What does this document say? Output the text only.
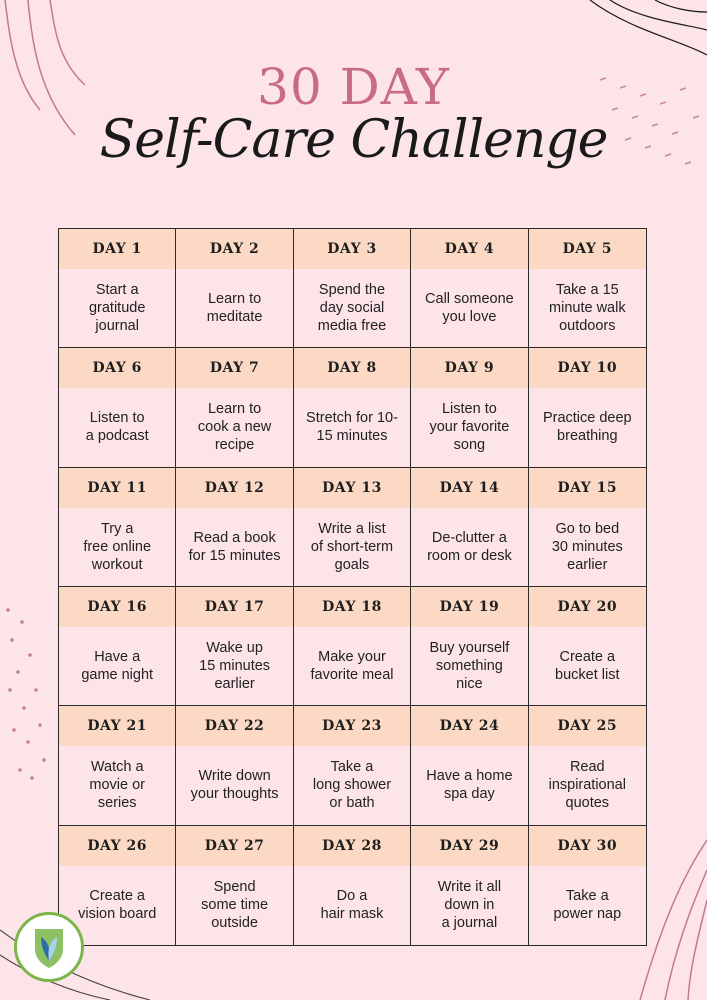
30 DAY
Self-Care Challenge
DAY 1
Start a
gratitude
journal
DAY 2
Learn to
meditate
DAY 3
Spend the
day social
media free
DAY 4
Call someone
you love
DAY 5
Take a 15
minute walk
outdoors
DAY 6
Listen to
a podcast
DAY 7
Learn to
cook a new
recipe
DAY 8
Stretch for 10-
15 minutes
DAY 9
Listen to
your favorite
song
DAY 10
Practice deep
breathing
DAY 11
Try a
free online
workout
DAY 12
Read a book
for 15 minutes
DAY 13
Write a list
of short-term
goals
DAY 14
De-clutter a
room or desk
DAY 15
Go to bed
30 minutes
earlier
DAY 16
Have a
game night
DAY 17
Wake up
15 minutes
earlier
DAY 18
Make your
favorite meal
DAY 19
Buy yourself
something
nice
DAY 20
Create a
bucket list
DAY 21
Watch a
movie or
series
DAY 22
Write down
your thoughts
DAY 23
Take a
long shower
or bath
DAY 24
Have a home
spa day
DAY 25
Read
inspirational
quotes
DAY 26
Create a
vision board
DAY 27
Spend
some time
outside
DAY 28
Do a
hair mask
DAY 29
Write it all
down in
a journal
DAY 30
Take a
power nap
